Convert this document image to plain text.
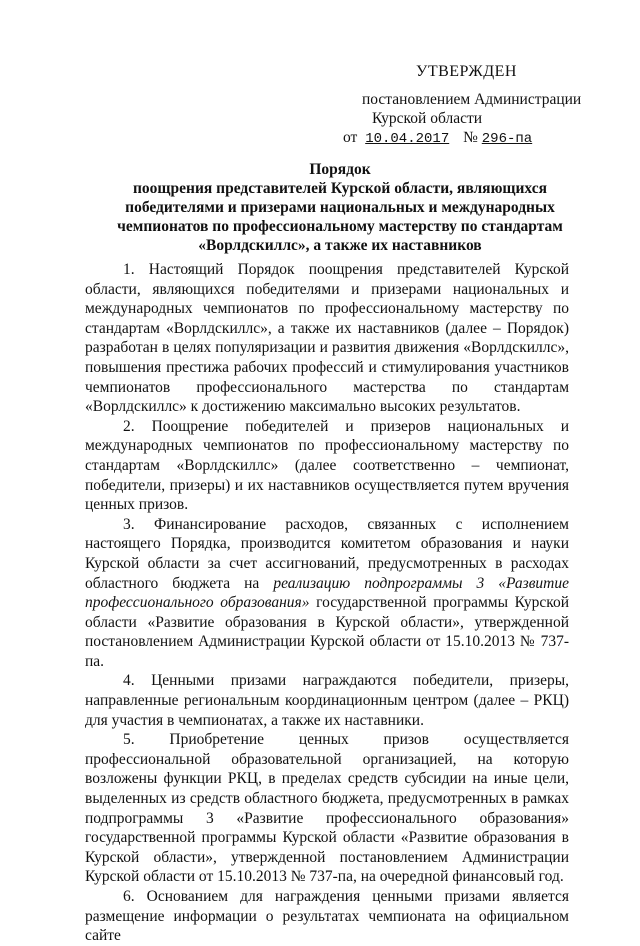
УТВЕРЖДЕН
постановлением Администрации
Курской области
от 10.04.2017 № 296-па
Порядок
поощрения представителей Курской области, являющихся
победителями и призерами национальных и международных
чемпионатов по профессиональному мастерству по стандартам
«Ворлдскиллс», а также их наставников

1. Настоящий Порядок поощрения представителей Курской области, являющихся победителями и призерами национальных и международных чемпионатов по профессиональному мастерству по стандартам «Ворлдскиллс», а также их наставников (далее – Порядок) разработан в целях популяризации и развития движения «Ворлдскиллс», повышения престижа рабочих профессий и стимулирования участников чемпионатов профессионального мастерства по стандартам «Ворлдскиллс» к достижению максимально высоких результатов.

2. Поощрение победителей и призеров национальных и международных чемпионатов по профессиональному мастерству по стандартам «Ворлдскиллс» (далее соответственно – чемпионат, победители, призеры) и их наставников осуществляется путем вручения ценных призов.

3. Финансирование расходов, связанных с исполнением настоящего Порядка, производится комитетом образования и науки Курской области за счет ассигнований, предусмотренных в расходах областного бюджета на реализацию подпрограммы 3 «Развитие профессионального образования» государственной программы Курской области «Развитие образования в Курской области», утвержденной постановлением Администрации Курской области от 15.10.2013 № 737-па.

4. Ценными призами награждаются победители, призеры, направленные региональным координационным центром (далее – РКЦ) для участия в чемпионатах, а также их наставники.

5. Приобретение ценных призов осуществляется профессиональной образовательной организацией, на которую возложены функции РКЦ, в пределах средств субсидии на иные цели, выделенных из средств областного бюджета, предусмотренных в рамках подпрограммы 3 «Развитие профессионального образования» государственной программы Курской области «Развитие образования в Курской области», утвержденной постановлением Администрации Курской области от 15.10.2013 № 737-па, на очередной финансовый год.

6. Основанием для награждения ценными призами является размещение информации о результатах чемпионата на официальном сайте
